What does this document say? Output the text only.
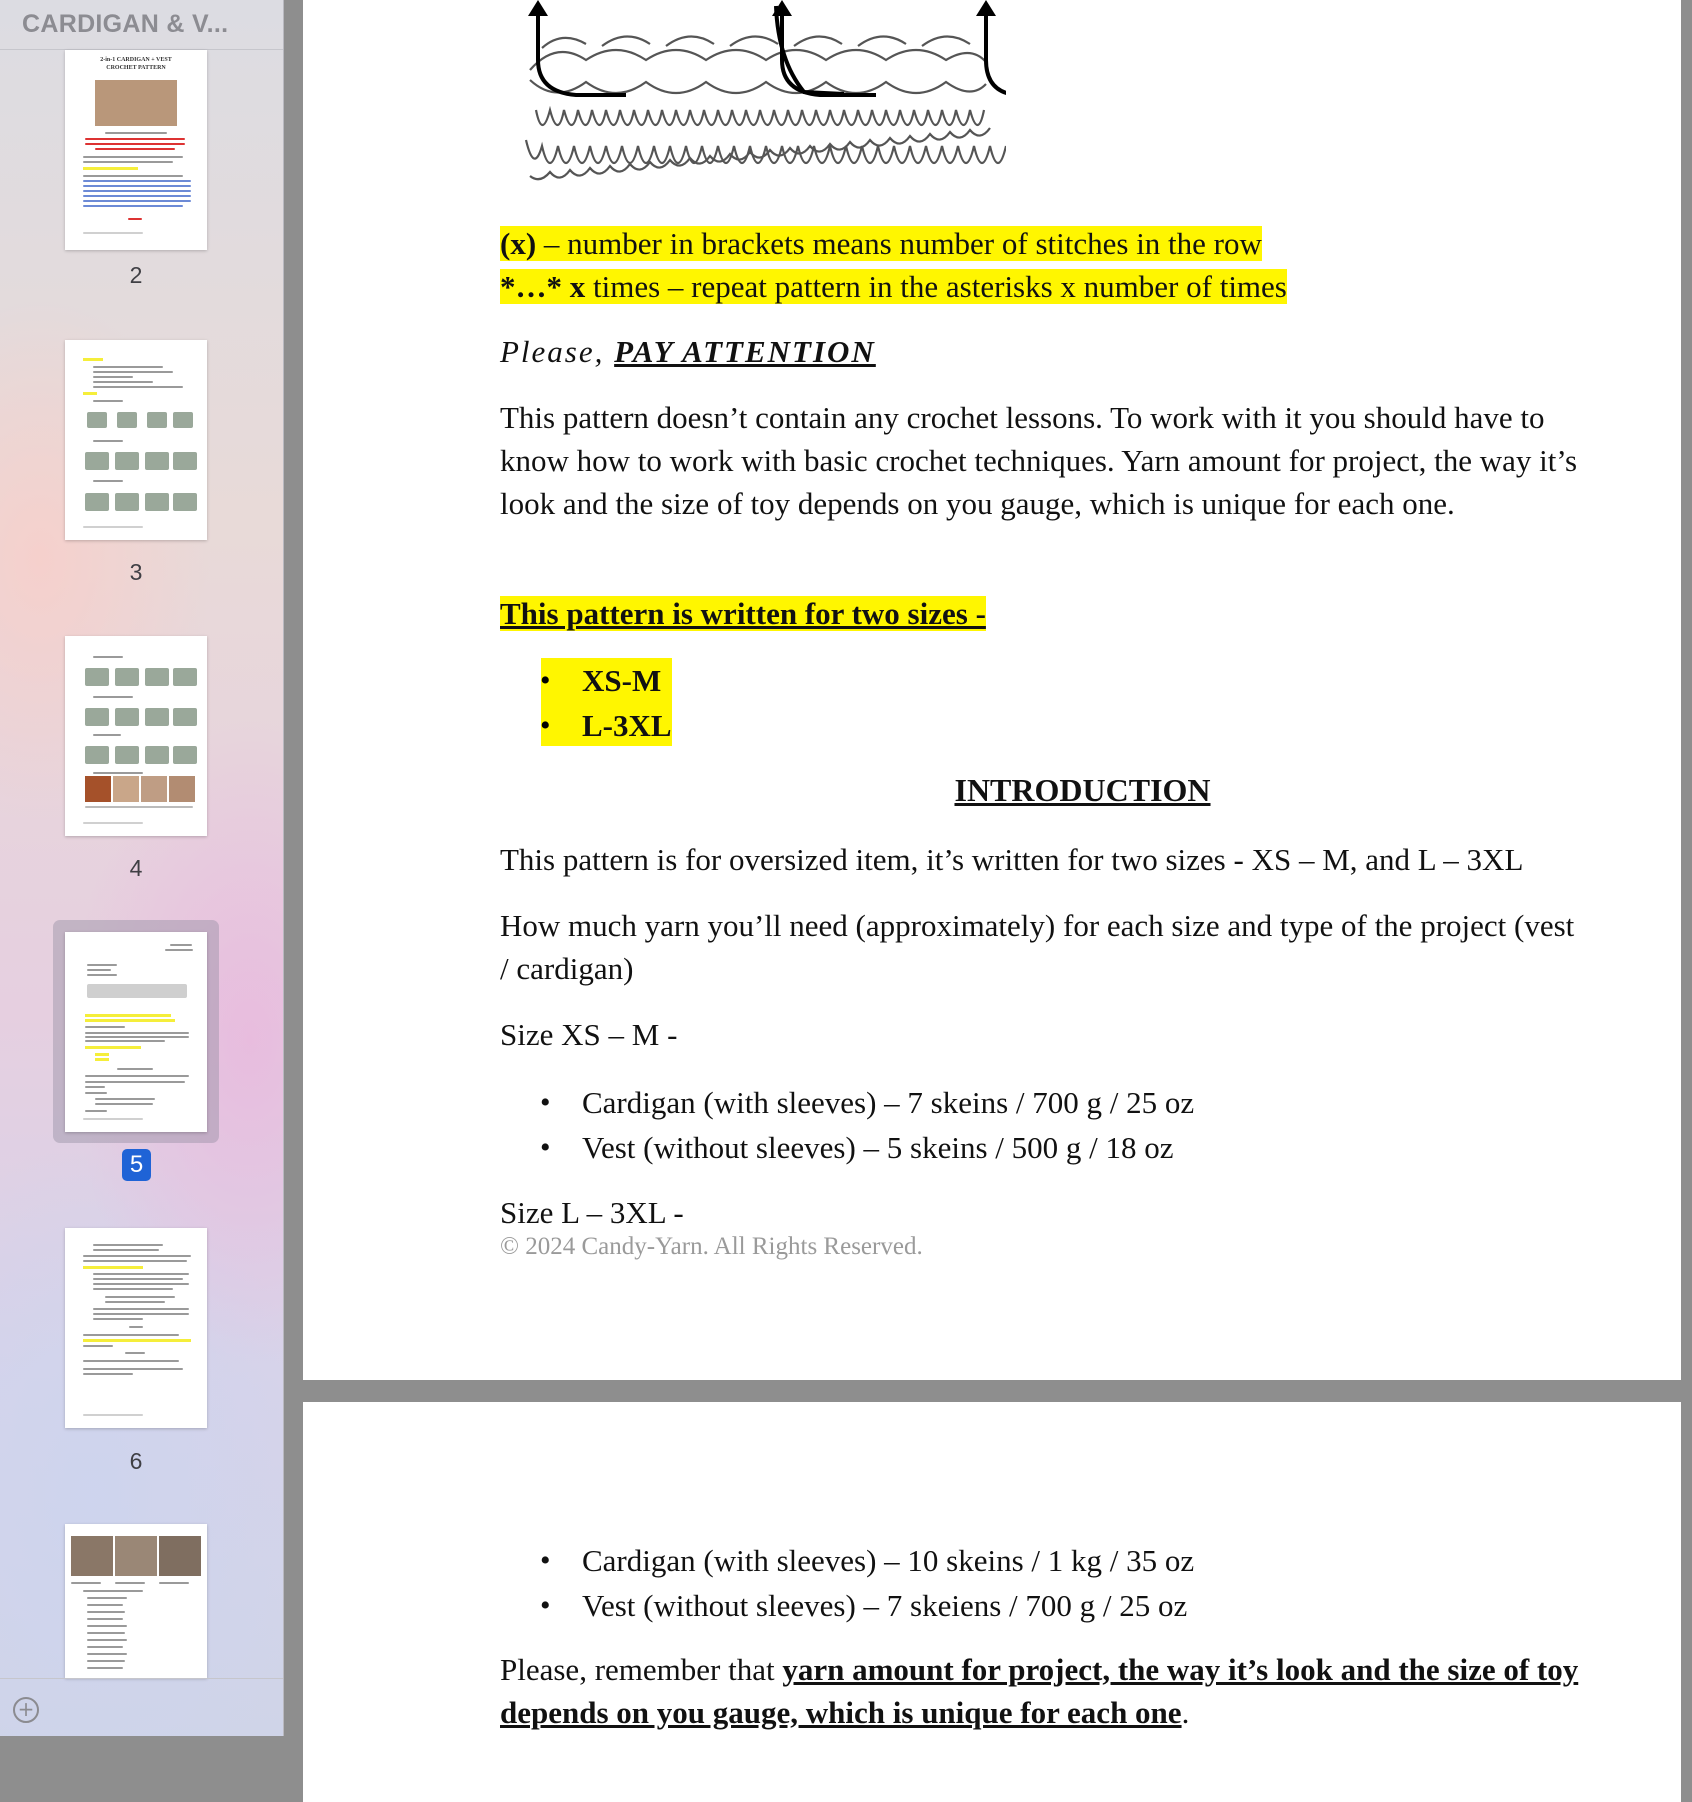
CARDIGAN & V...
2-in-1 CARDIGAN + VEST
CROCHET PATTERN
2
3
4
5
6
+
(x) – number in brackets means number of stitches in the row
*…* x times – repeat pattern in the asterisks x number of times
Please, PAY ATTENTION
This pattern doesn’t contain any crochet lessons. To work with it you should have to know how to work with basic crochet techniques. Yarn amount for project, the way it’s look and the size of toy depends on you gauge, which is unique for each one.
This pattern is written for two sizes -
• XS-M
• L-3XL
INTRODUCTION
This pattern is for oversized item, it’s written for two sizes - XS – M, and L – 3XL
How much yarn you’ll need (approximately) for each size and type of the project (vest / cardigan)
Size XS – M -
• Cardigan (with sleeves) – 7 skeins / 700 g / 25 oz
• Vest (without sleeves) – 5 skeins / 500 g / 18 oz
Size L – 3XL -
© 2024 Candy-Yarn. All Rights Reserved.
• Cardigan (with sleeves) – 10 skeins / 1 kg / 35 oz
• Vest (without sleeves) – 7 skeiens / 700 g / 25 oz
Please, remember that yarn amount for project, the way it’s look and the size of toy depends on you gauge, which is unique for each one.
